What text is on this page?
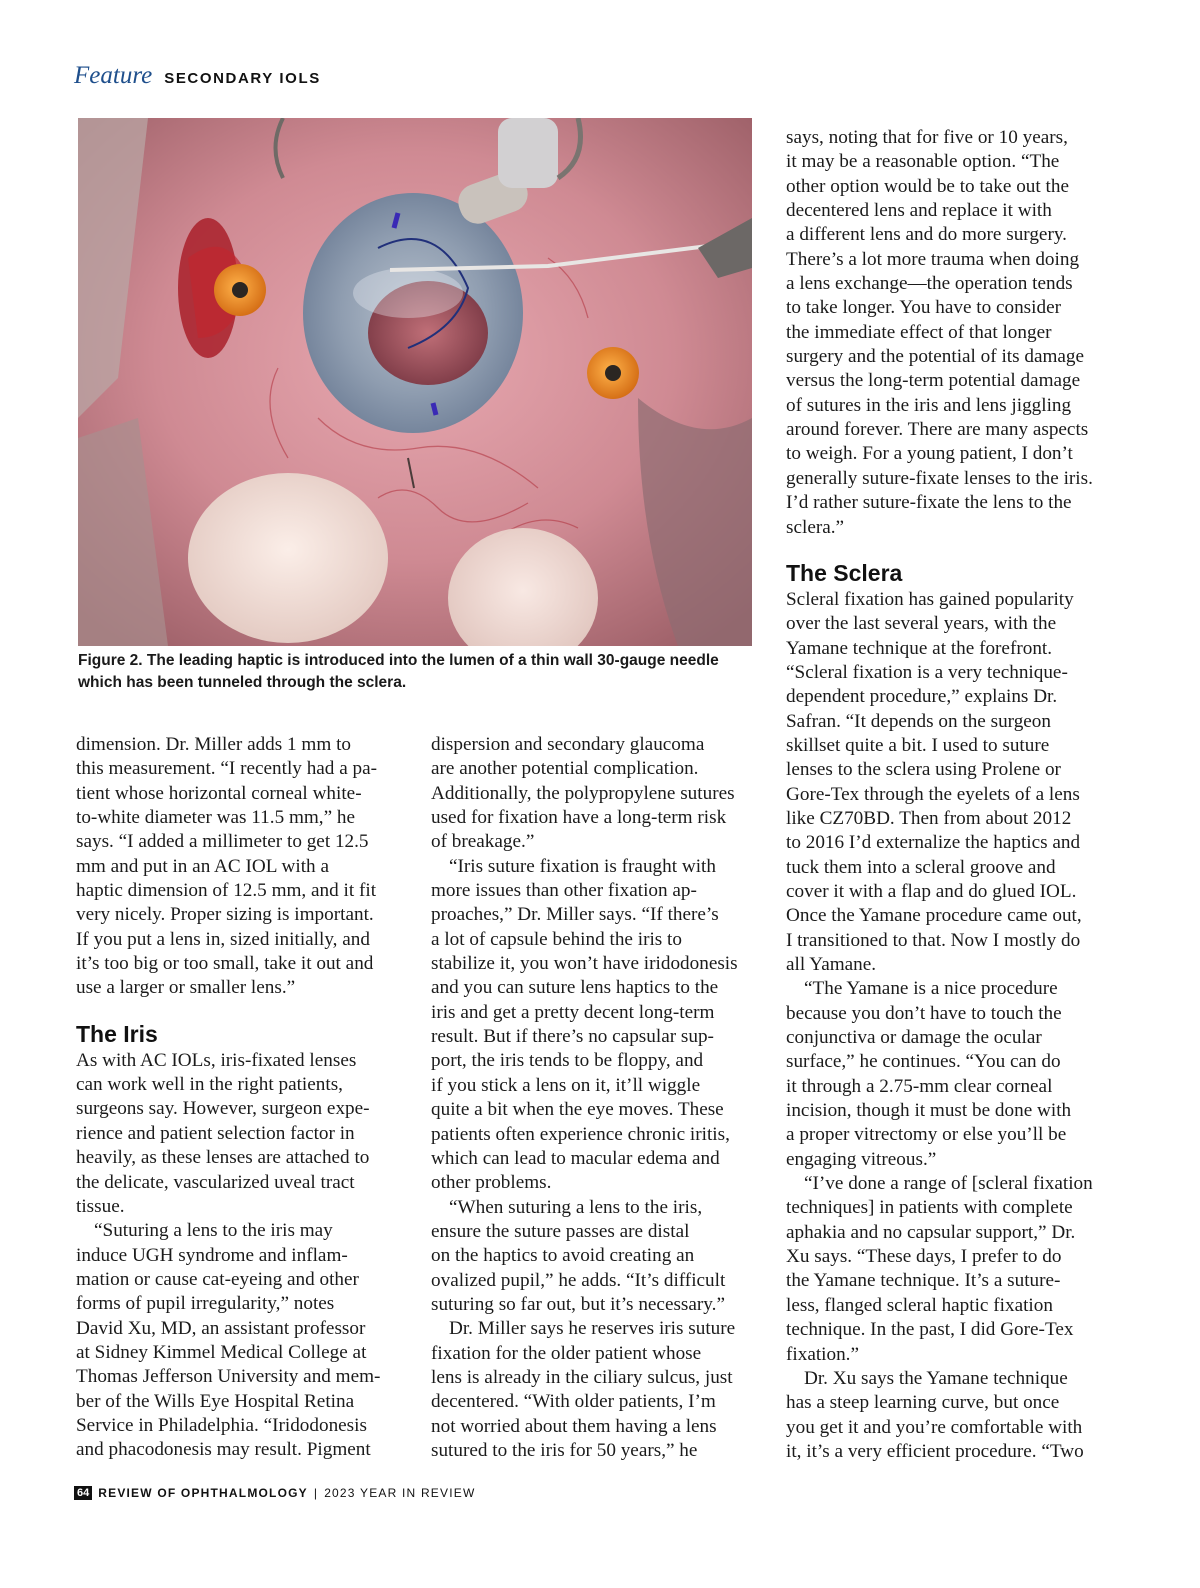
Feature SECONDARY IOLS
Figure 2. The leading haptic is introduced into the lumen of a thin wall 30-gauge needle
which has been tunneled through the sclera.

dimension. Dr. Miller adds 1 mm to
this measurement. “I recently had a pa-
tient whose horizontal corneal white-
to-white diameter was 11.5 mm,” he
says. “I added a millimeter to get 12.5
mm and put in an AC IOL with a
haptic dimension of 12.5 mm, and it fit
very nicely. Proper sizing is important.
If you put a lens in, sized initially, and
it’s too big or too small, take it out and
use a larger or smaller lens.”

The Iris

As with AC IOLs, iris-fixated lenses
can work well in the right patients,
surgeons say. However, surgeon expe-
rience and patient selection factor in
heavily, as these lenses are attached to
the delicate, vascularized uveal tract
tissue.

“Suturing a lens to the iris may
induce UGH syndrome and inflam-
mation or cause cat-eyeing and other
forms of pupil irregularity,” notes
David Xu, MD, an assistant professor
at Sidney Kimmel Medical College at
Thomas Jefferson University and mem-
ber of the Wills Eye Hospital Retina
Service in Philadelphia. “Iridodonesis
and phacodonesis may result. Pigment

dispersion and secondary glaucoma
are another potential complication.
Additionally, the polypropylene sutures
used for fixation have a long-term risk
of breakage.”

“Iris suture fixation is fraught with
more issues than other fixation ap-
proaches,” Dr. Miller says. “If there’s
a lot of capsule behind the iris to
stabilize it, you won’t have iridodonesis
and you can suture lens haptics to the
iris and get a pretty decent long-term
result. But if there’s no capsular sup-
port, the iris tends to be floppy, and
if you stick a lens on it, it’ll wiggle
quite a bit when the eye moves. These
patients often experience chronic iritis,
which can lead to macular edema and
other problems.

“When suturing a lens to the iris,
ensure the suture passes are distal
on the haptics to avoid creating an
ovalized pupil,” he adds. “It’s difficult
suturing so far out, but it’s necessary.”

Dr. Miller says he reserves iris suture
fixation for the older patient whose
lens is already in the ciliary sulcus, just
decentered. “With older patients, I’m
not worried about them having a lens
sutured to the iris for 50 years,” he

says, noting that for five or 10 years,
it may be a reasonable option. “The
other option would be to take out the
decentered lens and replace it with
a different lens and do more surgery.
There’s a lot more trauma when doing
a lens exchange—the operation tends
to take longer. You have to consider
the immediate effect of that longer
surgery and the potential of its damage
versus the long-term potential damage
of sutures in the iris and lens jiggling
around forever. There are many aspects
to weigh. For a young patient, I don’t
generally suture-fixate lenses to the iris.
I’d rather suture-fixate the lens to the
sclera.”

The Sclera

Scleral fixation has gained popularity
over the last several years, with the
Yamane technique at the forefront.
“Scleral fixation is a very technique-
dependent procedure,” explains Dr.
Safran. “It depends on the surgeon
skillset quite a bit. I used to suture
lenses to the sclera using Prolene or
Gore-Tex through the eyelets of a lens
like CZ70BD. Then from about 2012
to 2016 I’d externalize the haptics and
tuck them into a scleral groove and
cover it with a flap and do glued IOL.
Once the Yamane procedure came out,
I transitioned to that. Now I mostly do
all Yamane.

“The Yamane is a nice procedure
because you don’t have to touch the
conjunctiva or damage the ocular
surface,” he continues. “You can do
it through a 2.75-mm clear corneal
incision, though it must be done with
a proper vitrectomy or else you’ll be
engaging vitreous.”

“I’ve done a range of [scleral fixation
techniques] in patients with complete
aphakia and no capsular support,” Dr.
Xu says. “These days, I prefer to do
the Yamane technique. It’s a suture-
less, flanged scleral haptic fixation
technique. In the past, I did Gore-Tex
fixation.”

Dr. Xu says the Yamane technique
has a steep learning curve, but once
you get it and you’re comfortable with
it, it’s a very efficient procedure. “Two

64 REVIEW OF OPHTHALMOLOGY | 2023 YEAR IN REVIEW
